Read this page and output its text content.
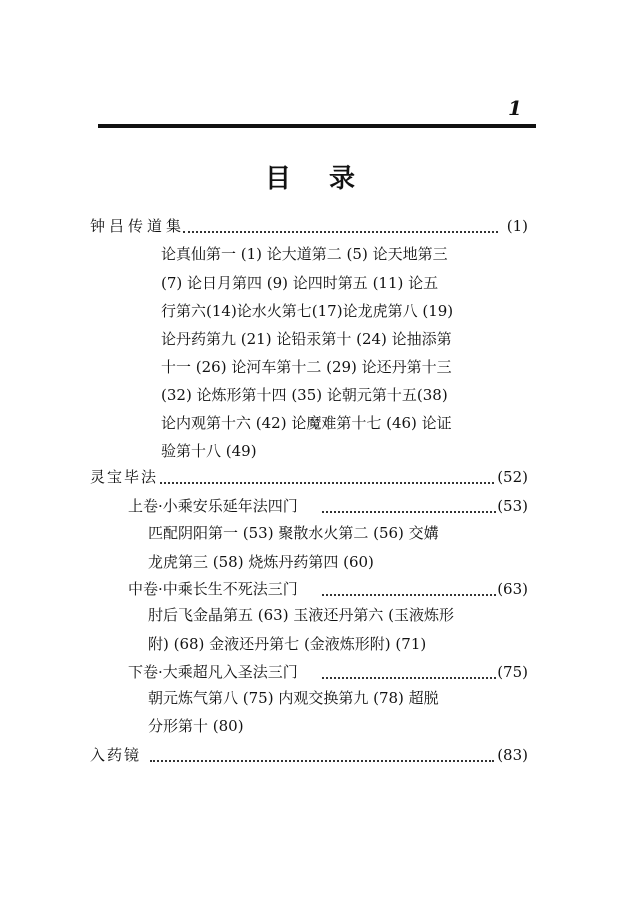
1
目录
钟吕传道集	(1)
论真仙第一 (1) 论大道第二 (5) 论天地第三
(7) 论日月第四 (9) 论四时第五 (11) 论五
行第六(14)论水火第七(17)论龙虎第八 (19)
论丹药第九 (21) 论铅汞第十 (24) 论抽添第
十一 (26) 论河车第十二 (29) 论还丹第十三
(32) 论炼形第十四 (35) 论朝元第十五(38)
论内观第十六 (42) 论魔难第十七 (46) 论证
验第十八 (49)
灵宝毕法	(52)
上卷·小乘安乐延年法四门	(53)
匹配阴阳第一 (53) 聚散水火第二 (56) 交媾
龙虎第三 (58) 烧炼丹药第四 (60)
中卷·中乘长生不死法三门	(63)
肘后飞金晶第五 (63) 玉液还丹第六 (玉液炼形
附) (68) 金液还丹第七 (金液炼形附) (71)
下卷·大乘超凡入圣法三门	(75)
朝元炼气第八 (75) 内观交换第九 (78) 超脱
分形第十 (80)
入药镜	(83)
